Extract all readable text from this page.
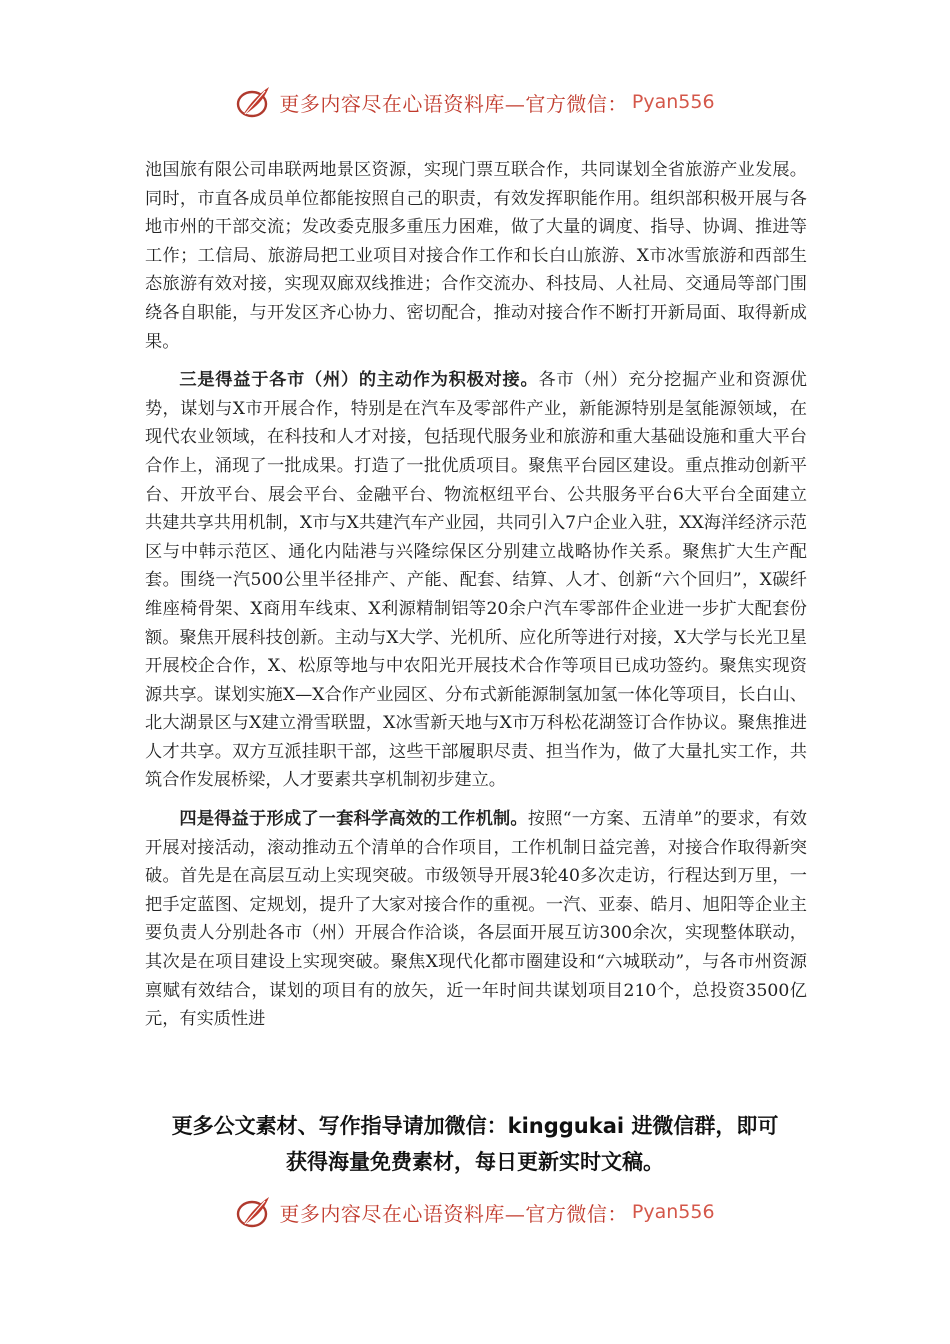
更多内容尽在心语资料库—官方微信： Pyan556

池国旅有限公司串联两地景区资源，实现门票互联合作，共同谋划全省旅游产业发展。同时，市直各成员单位都能按照自己的职责，有效发挥职能作用。组织部积极开展与各地市州的干部交流；发改委克服多重压力困难，做了大量的调度、指导、协调、推进等工作；工信局、旅游局把工业项目对接合作工作和长白山旅游、X市冰雪旅游和西部生态旅游有效对接，实现双廊双线推进；合作交流办、科技局、人社局、交通局等部门围绕各自职能，与开发区齐心协力、密切配合，推动对接合作不断打开新局面、取得新成果。

三是得益于各市（州）的主动作为积极对接。各市（州）充分挖掘产业和资源优势，谋划与X市开展合作，特别是在汽车及零部件产业，新能源特别是氢能源领域，在现代农业领域，在科技和人才对接，包括现代服务业和旅游和重大基础设施和重大平台合作上，涌现了一批成果。打造了一批优质项目。聚焦平台园区建设。重点推动创新平台、开放平台、展会平台、金融平台、物流枢纽平台、公共服务平台6大平台全面建立共建共享共用机制，X市与X共建汽车产业园，共同引入7户企业入驻，XX海洋经济示范区与中韩示范区、通化内陆港与兴隆综保区分别建立战略协作关系。聚焦扩大生产配套。围绕一汽500公里半径排产、产能、配套、结算、人才、创新“六个回归”，X碳纤维座椅骨架、X商用车线束、X利源精制铝等20余户汽车零部件企业进一步扩大配套份额。聚焦开展科技创新。主动与X大学、光机所、应化所等进行对接，X大学与长光卫星开展校企合作，X、松原等地与中农阳光开展技术合作等项目已成功签约。聚焦实现资源共享。谋划实施X—X合作产业园区、分布式新能源制氢加氢一体化等项目，长白山、北大湖景区与X建立滑雪联盟，X冰雪新天地与X市万科松花湖签订合作协议。聚焦推进人才共享。双方互派挂职干部，这些干部履职尽责、担当作为，做了大量扎实工作，共筑合作发展桥梁，人才要素共享机制初步建立。

四是得益于形成了一套科学高效的工作机制。按照“一方案、五清单”的要求，有效开展对接活动，滚动推动五个清单的合作项目，工作机制日益完善，对接合作取得新突破。首先是在高层互动上实现突破。市级领导开展3轮40多次走访，行程达到万里，一把手定蓝图、定规划，提升了大家对接合作的重视。一汽、亚泰、皓月、旭阳等企业主要负责人分别赴各市（州）开展合作洽谈，各层面开展互访300余次，实现整体联动，其次是在项目建设上实现突破。聚焦X现代化都市圈建设和“六城联动”，与各市州资源禀赋有效结合，谋划的项目有的放矢，近一年时间共谋划项目210个，总投资3500亿元，有实质性进

更多公文素材、写作指导请加微信：kinggukai 进微信群，即可
获得海量免费素材，每日更新实时文稿。
更多内容尽在心语资料库—官方微信： Pyan556
